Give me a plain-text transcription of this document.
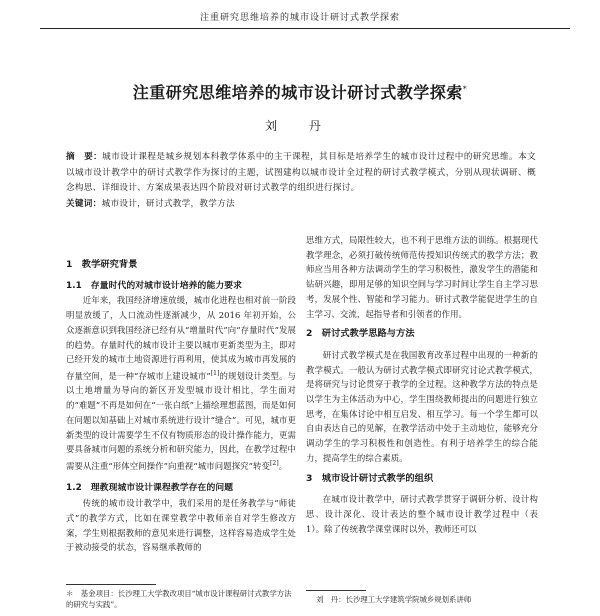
注重研究思维培养的城市设计研讨式教学探索
注重研究思维培养的城市设计研讨式教学探索*
刘 丹
摘　要：城市设计课程是城乡规划本科教学体系中的主干课程，其目标是培养学生的城市设计过程中的研究思维。本文以城市设计教学中的研讨式教学作为探讨的主题，试图建构以城市设计全过程的研讨式教学模式，分别从现状调研、概念构思、详细设计、方案成果表达四个阶段对研讨式教学的组织进行探讨。
关键词：城市设计，研讨式教学，教学方法

1　教学研究背景

1.1　存量时代的对城市设计培养的能力要求

近年来，我国经济增速放缓，城市化进程也相对前一阶段明显放缓了，人口流动性逐渐减少，从 2016 年初开始，公众逐渐意识到我国经济已经有从“增量时代”向“存量时代”发展的趋势。存量时代的城市设计主要以城市更新类型为主，即对已经开发的城市土地资源进行再利用，使其成为城市再发展的存量空间，是一种“存城市上建设城市”[1]的规划设计类型。与以土地增量为导向的新区开发型城市设计相比，学生面对的“难题”不再是如何在“一张白纸”上描绘理想蓝图，而是如何在问题以知基础上对城市系统进行设计“缝合”。可见，城市更新类型的设计需要学生不仅有物质形态的设计操作能力，更需要具备城市问题的系统分析和研究能力，因此，在教学过程中需要从注重“形体空间操作”向重视“城市问题探究”转变[2]。

1.2　理教现城市设计课程教学存在的问题

传统的城市设计教学中，我们采用的是任务教学与“师徒式”的教学方式，比如在课堂教学中教师亲自对学生修改方案，学生则根据教师的意见来进行调整，这样容易造成学生处于被动接受的状态，容易继承教师的

思维方式，局限性较大，也不利于思维方法的训练。根据现代教学理念，必须打破传统师范传授知识传统式的教学方法；教师应当用各种方法调动学生的学习积极性，激发学生的潜能和钻研兴趣，即用足够的知识空间与学习时间让学生自主学习思考，发展个性、智能和学习能力。研讨式教学能促进学生的自主学习、交流，起指导者和引领者的作用。

2　研讨式教学思路与方法

研讨式教学模式是在我国教育改革过程中出现的一种新的教学模式。一般认为研讨式教学模式即研究讨论式教学模式，是将研究与讨论贯穿于教学的全过程。这种教学方法的特点是以学生为主体活动为中心，学生围绕教师提出的问题进行独立思考，在集体讨论中相互启发、相互学习。每一个学生都可以自由表达自己的见解，在教学活动中处于主动地位，能够充分调动学生的学习积极性和创造性。有利于培养学生的综合能力，提高学生的综合素质。

3　城市设计研讨式教学的组织

在城市设计教学中，研讨式教学贯穿于调研分析、设计构思、设计深化、设计表达的整个城市设计教学过程中（表 1）。除了传统教学课堂课时以外，教师还可以

＊　基金项目：长沙理工大学教改项目“城市设计课程研讨式教学方法的研究与实践”。
刘　丹：长沙理工大学建筑学院城乡规划系讲师
